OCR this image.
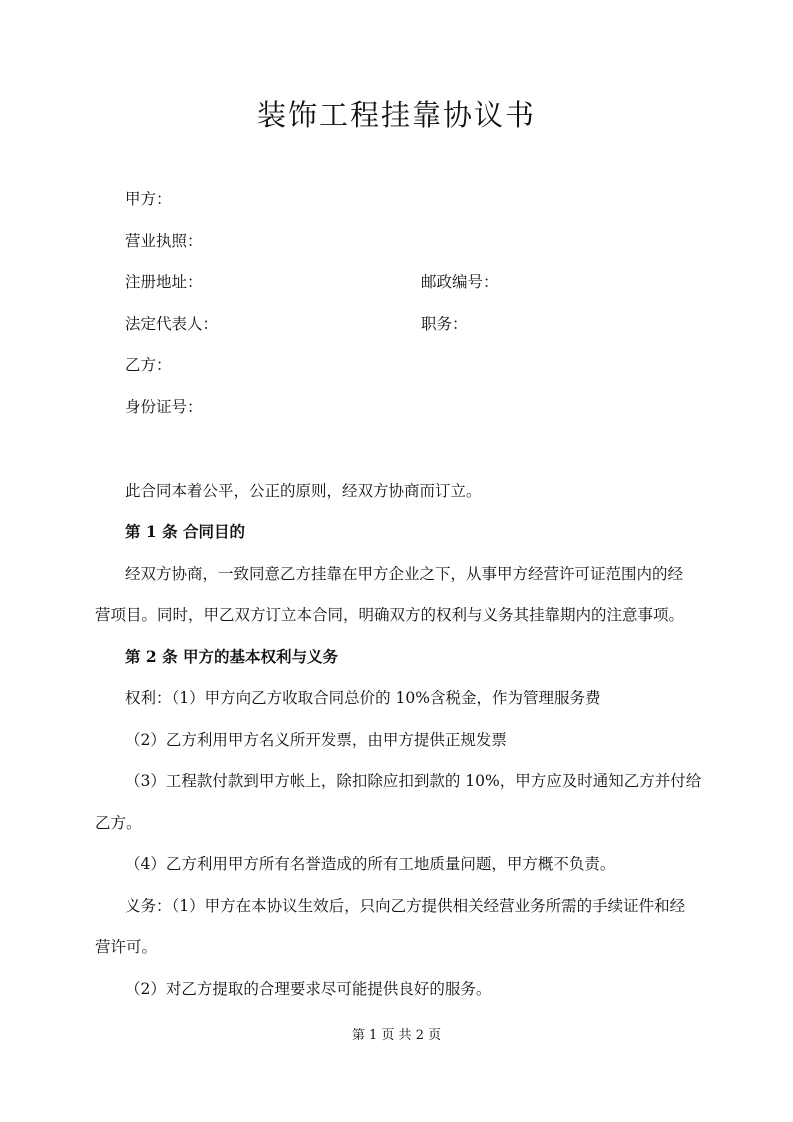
装饰工程挂靠协议书

甲方：

营业执照：

注册地址：	邮政编号：

法定代表人：	职务：

乙方：

身份证号：

此合同本着公平，公正的原则，经双方协商而订立。

第 1 条 合同目的

经双方协商，一致同意乙方挂靠在甲方企业之下，从事甲方经营许可证范围内的经

营项目。同时，甲乙双方订立本合同，明确双方的权利与义务其挂靠期内的注意事项。

第 2 条 甲方的基本权利与义务

权利：（1）甲方向乙方收取合同总价的 10%含税金，作为管理服务费

（2）乙方利用甲方名义所开发票，由甲方提供正规发票

（3）工程款付款到甲方帐上，除扣除应扣到款的 10%，甲方应及时通知乙方并付给

乙方。

（4）乙方利用甲方所有名誉造成的所有工地质量问题，甲方概不负责。

义务：（1）甲方在本协议生效后，只向乙方提供相关经营业务所需的手续证件和经

营许可。

（2）对乙方提取的合理要求尽可能提供良好的服务。

第 1 页 共 2 页
